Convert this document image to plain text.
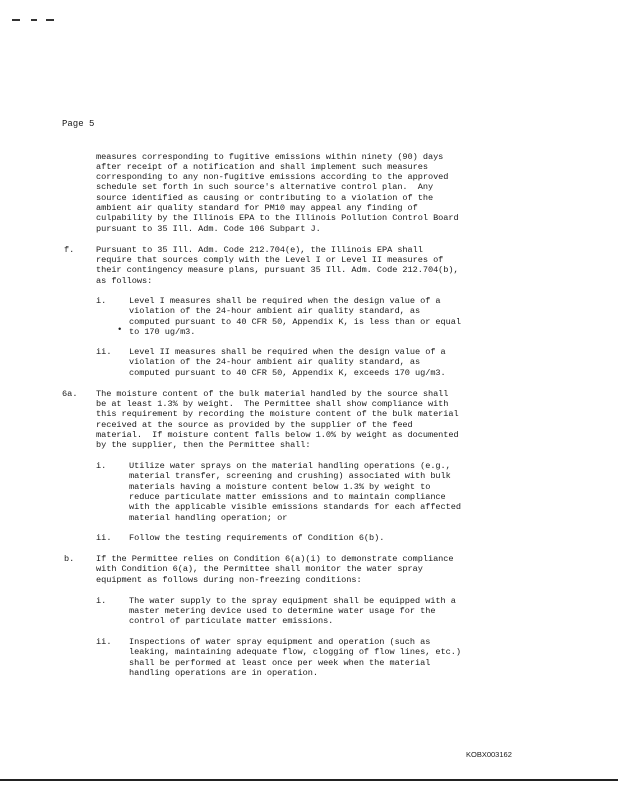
Page 5
measures corresponding to fugitive emissions within ninety (90) days
after receipt of a notification and shall implement such measures
corresponding to any non-fugitive emissions according to the approved
schedule set forth in such source's alternative control plan.  Any
source identified as causing or contributing to a violation of the
ambient air quality standard for PM10 may appeal any finding of
culpability by the Illinois EPA to the Illinois Pollution Control Board
pursuant to 35 Ill. Adm. Code 106 Subpart J.
f.	Pursuant to 35 Ill. Adm. Code 212.704(e), the Illinois EPA shall
require that sources comply with the Level I or Level II measures of
their contingency measure plans, pursuant 35 Ill. Adm. Code 212.704(b),
as follows:
i.	Level I measures shall be required when the design value of a
violation of the 24-hour ambient air quality standard, as
computed pursuant to 40 CFR 50, Appendix K, is less than or equal
to 170 ug/m3.
•
ii. Level II measures shall be required when the design value of a
violation of the 24-hour ambient air quality standard, as
computed pursuant to 40 CFR 50, Appendix K, exceeds 170 ug/m3.
6a. The moisture content of the bulk material handled by the source shall
be at least 1.3% by weight.  The Permittee shall show compliance with
this requirement by recording the moisture content of the bulk material
received at the source as provided by the supplier of the feed
material.  If moisture content falls below 1.0% by weight as documented
by the supplier, then the Permittee shall:
i.	Utilize water sprays on the material handling operations (e.g.,
material transfer, screening and crushing) associated with bulk
materials having a moisture content below 1.3% by weight to
reduce particulate matter emissions and to maintain compliance
with the applicable visible emissions standards for each affected
material handling operation; or
ii. Follow the testing requirements of Condition 6(b).
b.	If the Permittee relies on Condition 6(a)(i) to demonstrate compliance
with Condition 6(a), the Permittee shall monitor the water spray
equipment as follows during non-freezing conditions:
i.	The water supply to the spray equipment shall be equipped with a
master metering device used to determine water usage for the
control of particulate matter emissions.
ii. Inspections of water spray equipment and operation (such as
leaking, maintaining adequate flow, clogging of flow lines, etc.)
shall be performed at least once per week when the material
handling operations are in operation.
KOBX003162
